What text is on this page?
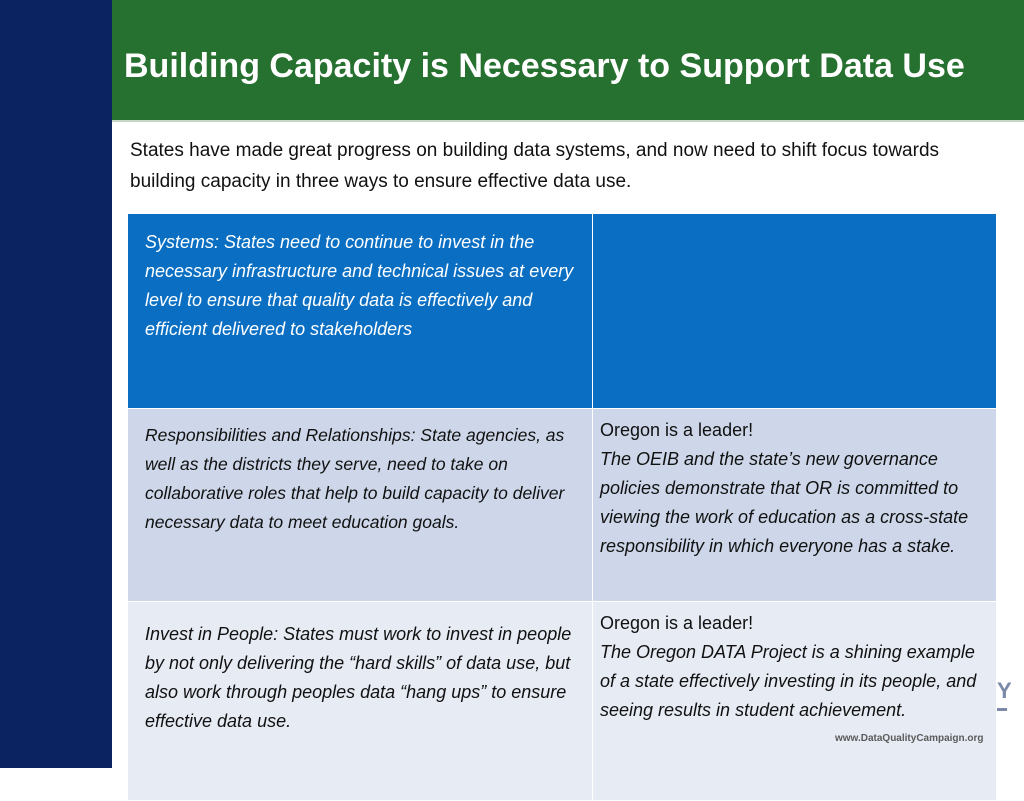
Building Capacity is Necessary to Support Data Use

States have made great progress on building data systems, and now need to shift focus towards building capacity in three ways to ensure effective data use.

Systems: States need to continue to invest in the necessary infrastructure and technical issues at every level to ensure that quality data is effectively and efficient delivered to stakeholders	

Responsibilities and Relationships: State agencies, as well as the districts they serve, need to take on collaborative roles that help to build capacity to deliver necessary data to meet education goals.	Oregon is a leader!
The OEIB and the state’s new governance policies demonstrate that OR is committed to viewing the work of education as a cross-state responsibility in which everyone has a stake.

Invest in People: States must work to invest in people by not only delivering the “hard skills” of data use, but also work through peoples data “hang ups” to ensure effective data use.	Oregon is a leader!
The Oregon DATA Project is a shining example of a state effectively investing in its people, and seeing results in student achievement.
Y
www.DataQualityCampaign.org
